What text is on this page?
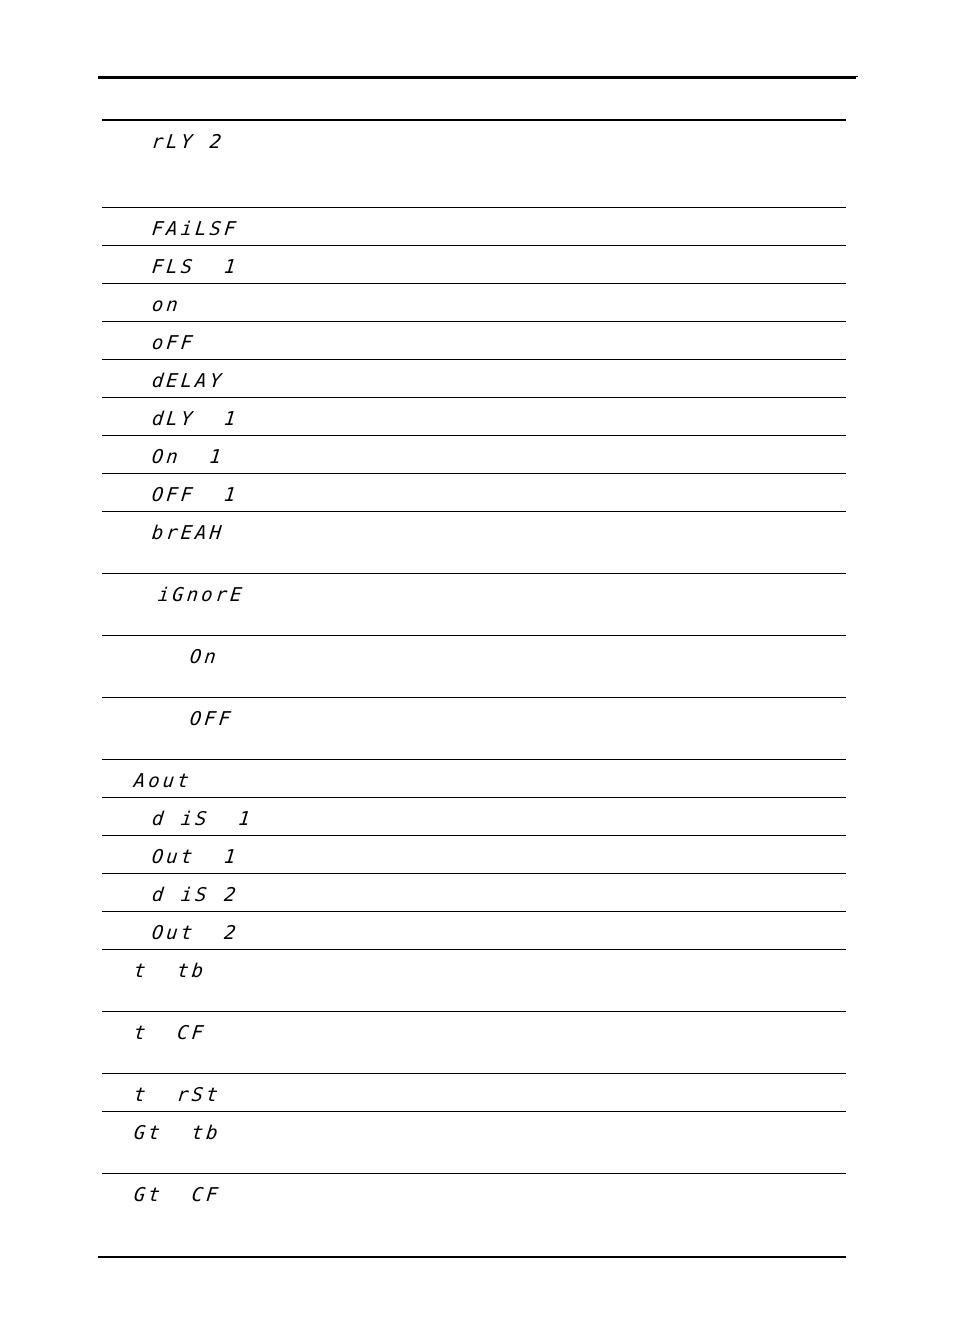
rLY 2
FAiLSF
FLS  1
on
oFF
dELAY
dLY  1
On  1
OFF  1
brEAH
iGnorE
On
OFF
Aout
d iS  1
Out  1
d iS 2
Out  2
t  tb
t  CF
t  rSt
Gt  tb
Gt  CF
